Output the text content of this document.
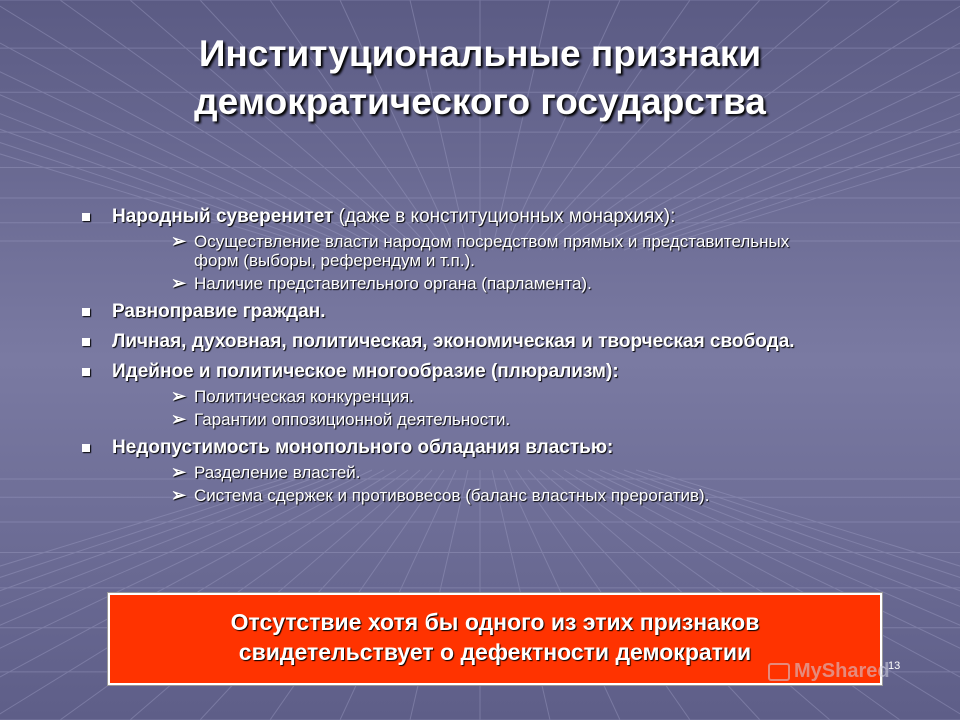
Институциональные признаки
демократического государства
Народный суверенитет (даже в конституционных монархиях):
➢ Осуществление власти народом посредством прямых и представительных форм (выборы, референдум и т.п.).
➢ Наличие представительного органа (парламента).
Равноправие граждан.
Личная, духовная, политическая, экономическая и творческая свобода.
Идейное и политическое многообразие (плюрализм):
➢ Политическая конкуренция.
➢ Гарантии оппозиционной деятельности.
Недопустимость монопольного обладания властью:
➢ Разделение властей.
➢ Система сдержек и противовесов (баланс властных прерогатив).
Отсутствие хотя бы одного из этих признаков
свидетельствует о дефектности демократии
MyShared
13
